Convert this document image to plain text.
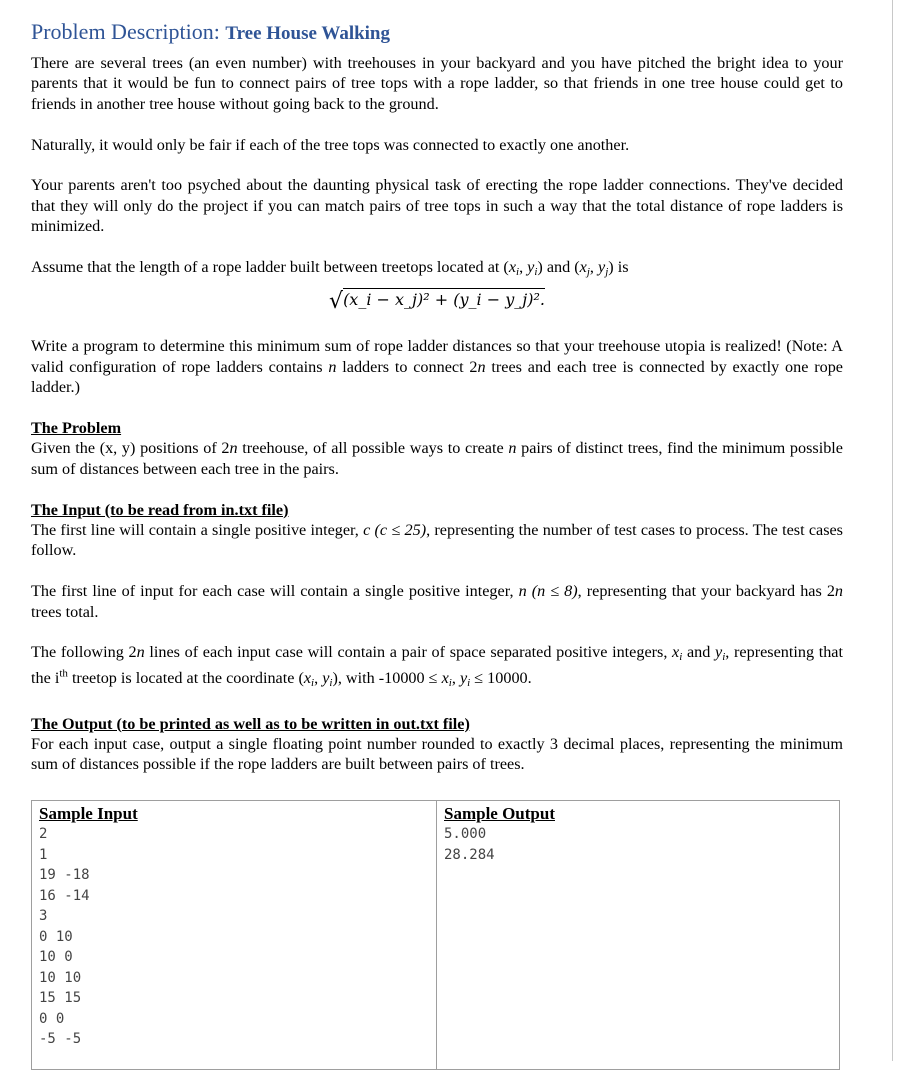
Problem Description: Tree House Walking

There are several trees (an even number) with treehouses in your backyard and you have pitched the bright idea to your parents that it would be fun to connect pairs of tree tops with a rope ladder, so that friends in one tree house could get to friends in another tree house without going back to the ground.

Naturally, it would only be fair if each of the tree tops was connected to exactly one another.

Your parents aren't too psyched about the daunting physical task of erecting the rope ladder connections. They've decided that they will only do the project if you can match pairs of tree tops in such a way that the total distance of rope ladders is minimized.

Assume that the length of a rope ladder built between treetops located at ($x_i$, $y_i$) and ($x_j$, $y_j$) is

√(x_i − x_j)² + (y_i − y_j)².

Write a program to determine this minimum sum of rope ladder distances so that your treehouse utopia is realized! (Note: A valid configuration of rope ladders contains n ladders to connect 2n trees and each tree is connected by exactly one rope ladder.)

The Problem
Given the (x, y) positions of 2n treehouse, of all possible ways to create n pairs of distinct trees, find the minimum possible sum of distances between each tree in the pairs.

The Input (to be read from in.txt file)
The first line will contain a single positive integer, c (c ≤ 25), representing the number of test cases to process. The test cases follow.

The first line of input for each case will contain a single positive integer, n (n ≤ 8), representing that your backyard has 2n trees total.

The following 2n lines of each input case will contain a pair of space separated positive integers, $x_i$ and $y_i$, representing that the $i^{th}$ treetop is located at the coordinate ($x_i$, $y_i$), with $-10000 \le x_i$, $y_i \le 10000$.

The Output (to be printed as well as to be written in out.txt file)
For each input case, output a single floating point number rounded to exactly 3 decimal places, representing the minimum sum of distances possible if the rope ladders are built between pairs of trees.

Sample Input
2
1
19 -18
16 -14
3
0 10
10 0
10 10
15 15
0 0
-5 -5
Sample Output
5.000
28.284
